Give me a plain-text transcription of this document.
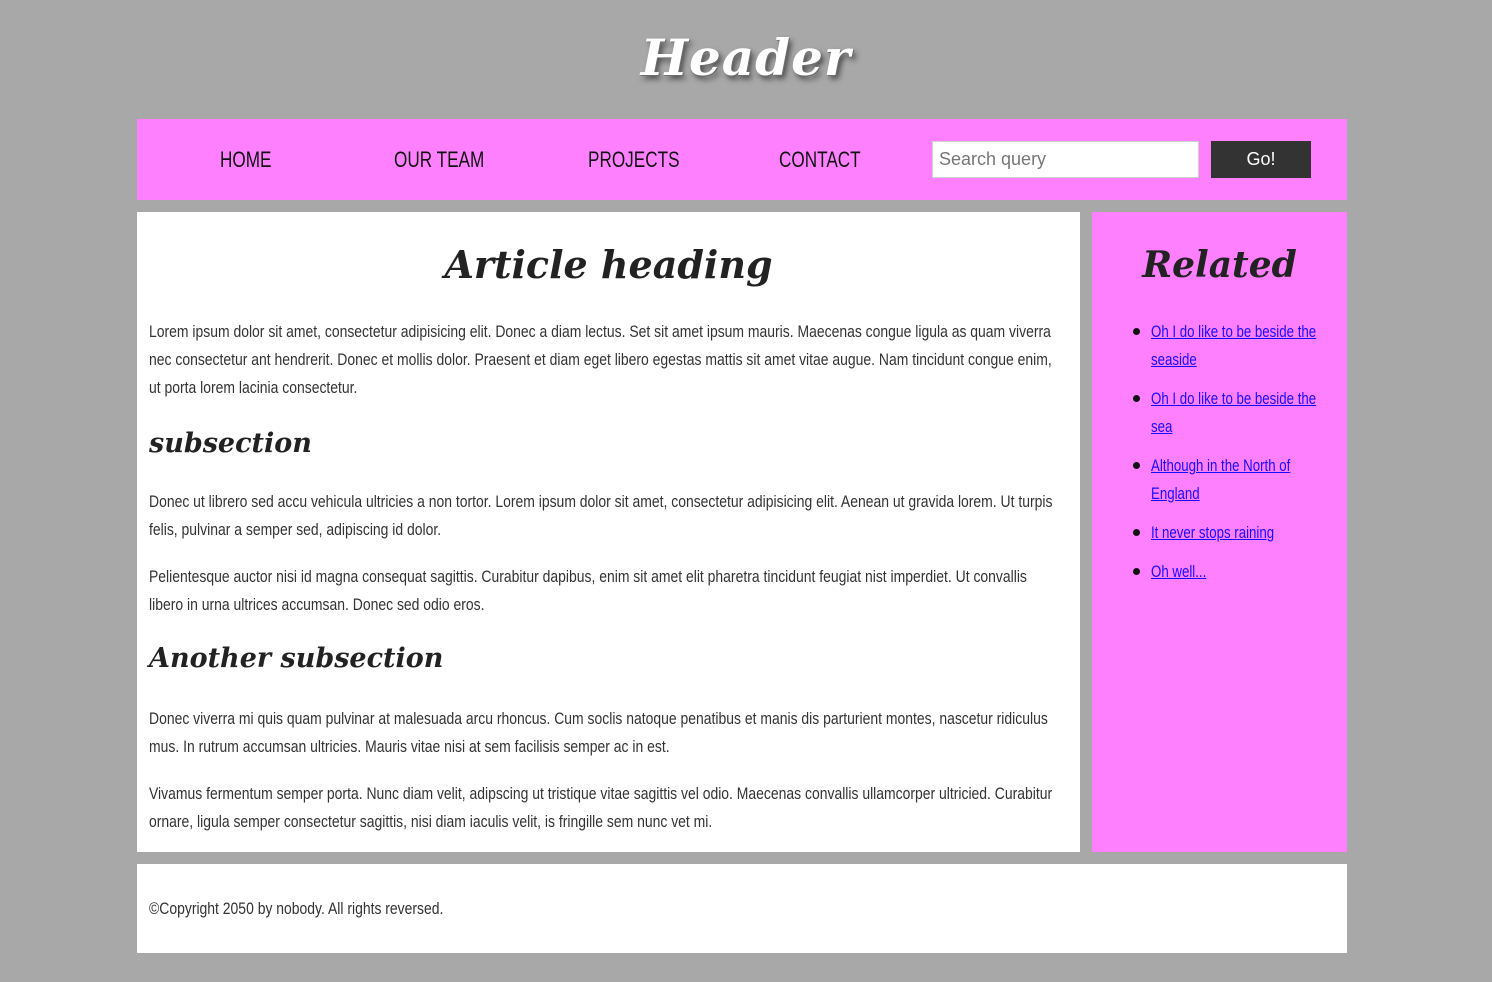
Header
HOME	OUR TEAM	PROJECTS	CONTACT
Search query	Go!
Article heading

Lorem ipsum dolor sit amet, consectetur adipisicing elit. Donec a diam lectus. Set sit amet ipsum mauris. Maecenas congue ligula as quam viverra nec consectetur ant hendrerit. Donec et mollis dolor. Praesent et diam eget libero egestas mattis sit amet vitae augue. Nam tincidunt congue enim, ut porta lorem lacinia consectetur.

subsection

Donec ut librero sed accu vehicula ultricies a non tortor. Lorem ipsum dolor sit amet, consectetur adipisicing elit. Aenean ut gravida lorem. Ut turpis felis, pulvinar a semper sed, adipiscing id dolor.

Pelientesque auctor nisi id magna consequat sagittis. Curabitur dapibus, enim sit amet elit pharetra tincidunt feugiat nist imperdiet. Ut convallis libero in urna ultrices accumsan. Donec sed odio eros.

Another subsection

Donec viverra mi quis quam pulvinar at malesuada arcu rhoncus. Cum soclis natoque penatibus et manis dis parturient montes, nascetur ridiculus mus. In rutrum accumsan ultricies. Mauris vitae nisi at sem facilisis semper ac in est.

Vivamus fermentum semper porta. Nunc diam velit, adipscing ut tristique vitae sagittis vel odio. Maecenas convallis ullamcorper ultricied. Curabitur ornare, ligula semper consectetur sagittis, nisi diam iaculis velit, is fringille sem nunc vet mi.

Related
Oh I do like to be beside the seaside
Oh I do like to be beside the sea
Although in the North of England
It never stops raining
Oh well...

©Copyright 2050 by nobody. All rights reversed.
